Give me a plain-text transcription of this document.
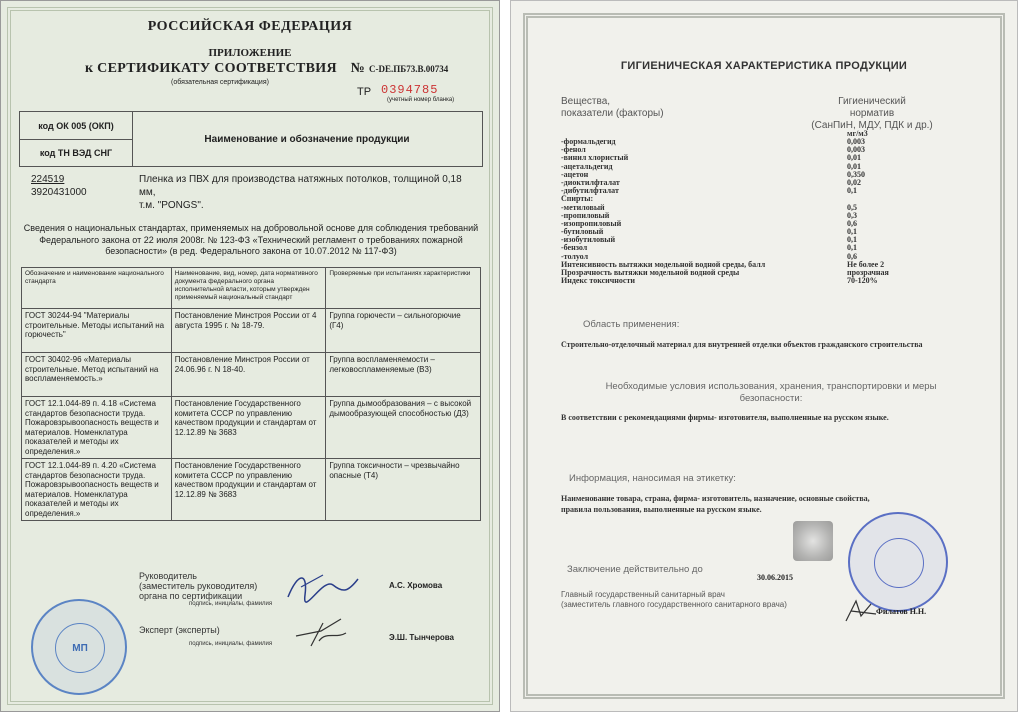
РОССИЙСКАЯ ФЕДЕРАЦИЯ
ПРИЛОЖЕНИЕ
к СЕРТИФИКАТУ СООТВЕТСТВИЯ № С-DE.ПБ73.В.00734
(обязательная сертификация)
ТР 0394785
(учетный номер бланка)
код ОК 005 (ОКП)
код ТН ВЭД СНГ
Наименование и обозначение продукции
224519
3920431000
Пленка из ПВХ для производства натяжных потолков, толщиной 0,18 мм,
т.м. "PONGS".
Сведения о национальных стандартах, применяемых на добровольной основе для соблюдения требований
Федерального закона от 22 июля 2008г. № 123-ФЗ «Технический регламент о требованиях пожарной
безопасности» (в ред. Федерального закона от 10.07.2012 № 117-ФЗ)
Обозначение и наименование национального стандарта	Наименование, вид, номер, дата нормативного документа федерального органа исполнительной власти, которым утвержден применяемый национальный стандарт	Проверяемые при испытаниях характеристики
ГОСТ 30244-94 "Материалы строительные. Методы испытаний на горючесть"	Постановление Минстроя России от 4 августа 1995 г. № 18-79.	Группа горючести – сильногорючие (Г4)
ГОСТ 30402-96 «Материалы строительные. Метод испытаний на воспламеняемость.»	Постановление Минстроя России от 24.06.96 г. N 18-40.	Группа воспламеняемости – легковоспламеняемые (В3)
ГОСТ 12.1.044-89 п. 4.18 «Система стандартов безопасности труда. Пожаровзрывоопасность веществ и материалов. Номенклатура показателей и методы их определения.»	Постановление Государственного комитета СССР по управлению качеством продукции и стандартам от 12.12.89 № 3683	Группа дымообразования – с высокой дымообразующей способностью (Д3)
ГОСТ 12.1.044-89 п. 4.20 «Система стандартов безопасности труда. Пожаровзрывоопасность веществ и материалов. Номенклатура показателей и методы их определения.»	Постановление Государственного комитета СССР по управлению качеством продукции и стандартам от 12.12.89 № 3683	Группа токсичности – чрезвычайно опасные (Т4)
Руководитель
(заместитель руководителя)
органа по сертификации
подпись, инициалы, фамилия
А.С. Хромова
Эксперт (эксперты)
подпись, инициалы, фамилия
Э.Ш. Тынчерова
МП
ГИГИЕНИЧЕСКАЯ ХАРАКТЕРИСТИКА ПРОДУКЦИИ
Вещества,
показатели (факторы)
Гигиенический
норматив
(СанПиН, МДУ, ПДК и др.)
мг/м3
-формальдегид	0,003
-фенол	0,003
-винил хлористый	0,01
-ацетальдегид	0,01
-ацетон	0,350
-диоктилфталат	0,02
-дибутилфталат	0,1
Спирты:
-метиловый	0,5
-пропиловый	0,3
-изопропиловый	0,6
-бутиловый	0,1
-изобутиловый	0,1
-бензол	0,1
-толуол	0,6
Интенсивность вытяжки модельной водной среды, балл	Не более 2
Прозрачность вытяжки модельной водной среды	прозрачная
Индекс токсичности	70-120%
Область применения:
Строительно-отделочный материал для внутренней отделки объектов гражданского строительства
Необходимые условия использования, хранения, транспортировки и меры
безопасности:
В соответствии с рекомендациями фирмы- изготовителя, выполненные на русском языке.
Информация, наносимая на этикетку:
Наименование товара, страна, фирма- изготовитель, назначение, основные свойства,
правила пользования, выполненные на русском языке.
Заключение действительно до
30.06.2015
Главный государственный санитарный врач
(заместитель главного государственного санитарного врача)
Филатов Н.Н.
